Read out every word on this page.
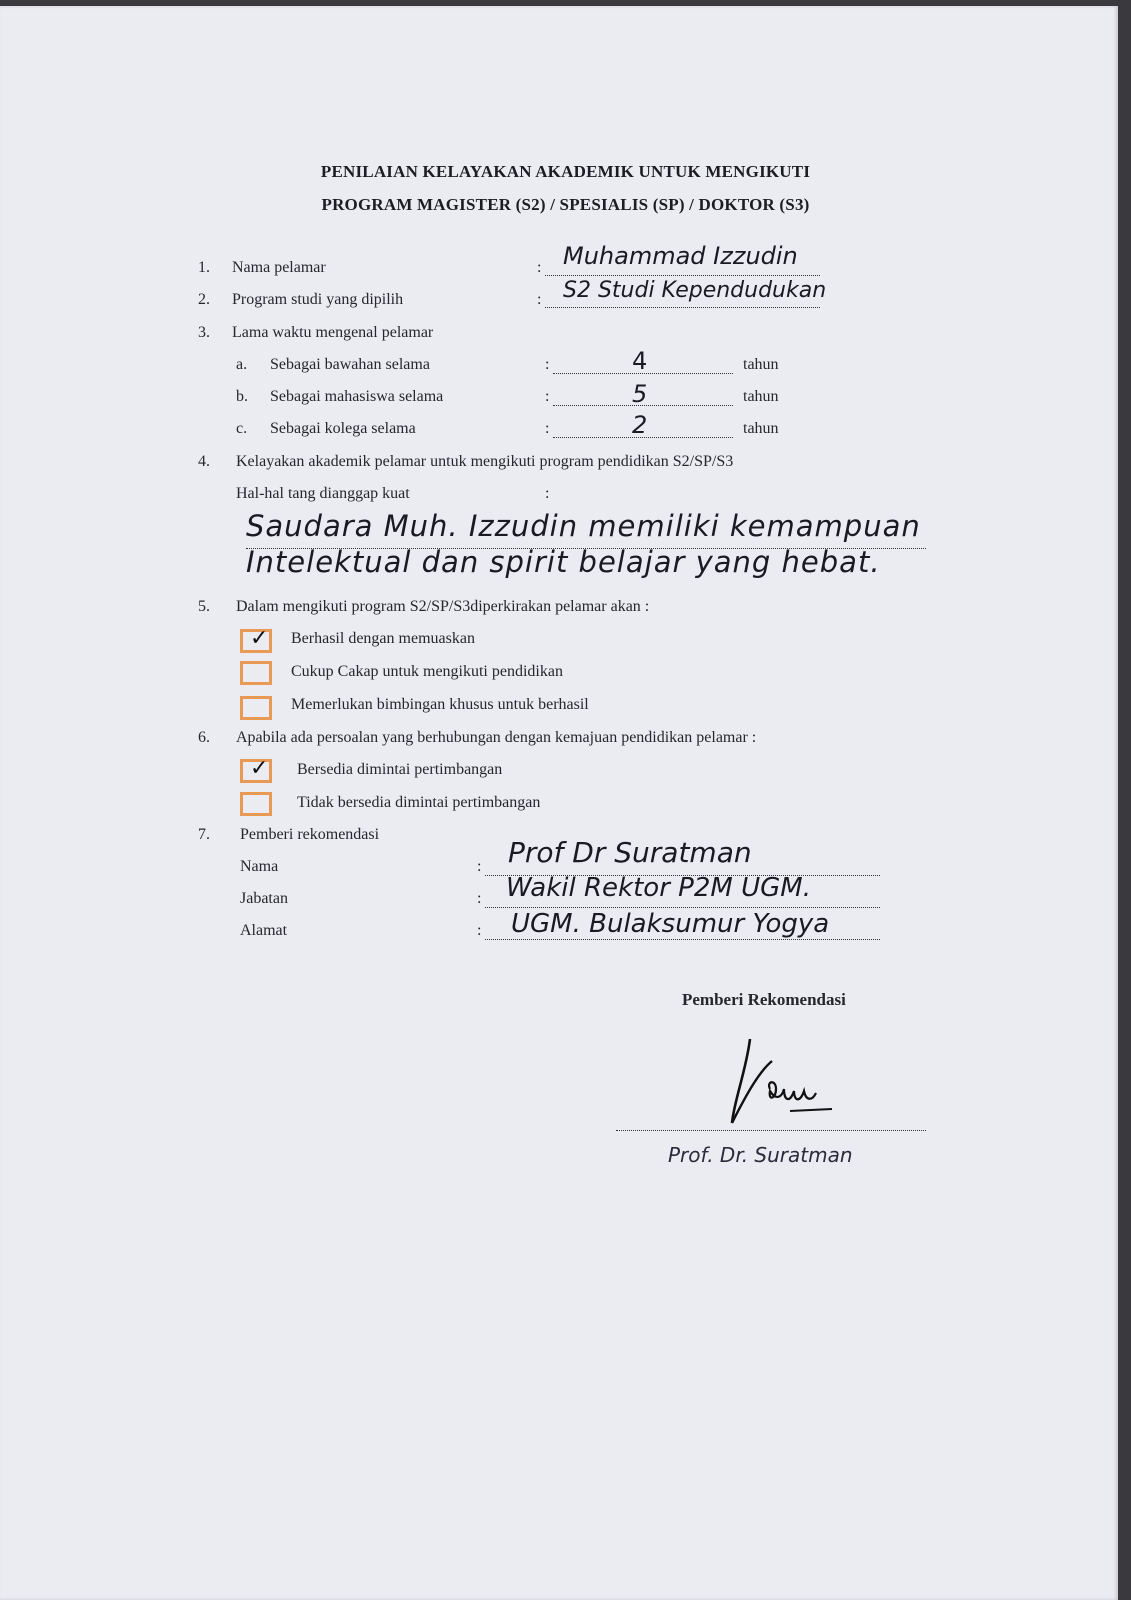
PENILAIAN KELAYAKAN AKADEMIK UNTUK MENGIKUTI
PROGRAM MAGISTER (S2) / SPESIALIS (SP) / DOKTOR (S3)
1. Nama pelamar	: Muhammad Izzudin
2. Program studi yang dipilih	: S2 Studi Kependudukan
3. Lama waktu mengenal pelamar
a. Sebagai bawahan selama	:	4	tahun
b. Sebagai mahasiswa selama	:	5	tahun
c. Sebagai kolega selama	:	2	tahun
4. Kelayakan akademik pelamar untuk mengikuti program pendidikan S2/SP/S3
Hal-hal tang dianggap kuat	:
Saudara Muh. Izzudin memiliki kemampuan
Intelektual dan spirit belajar yang hebat.
5. Dalam mengikuti program S2/SP/S3diperkirakan pelamar akan :
✓ Berhasil dengan memuaskan
Cukup Cakap untuk mengikuti pendidikan
Memerlukan bimbingan khusus untuk berhasil
6. Apabila ada persoalan yang berhubungan dengan kemajuan pendidikan pelamar :
✓ Bersedia dimintai pertimbangan
Tidak bersedia dimintai pertimbangan
7. Pemberi rekomendasi
Nama	: Prof Dr Suratman
Jabatan	: Wakil Rektor P2M UGM.
Alamat	: UGM. Bulaksumur Yogya
Pemberi Rekomendasi
Prof. Dr. Suratman
